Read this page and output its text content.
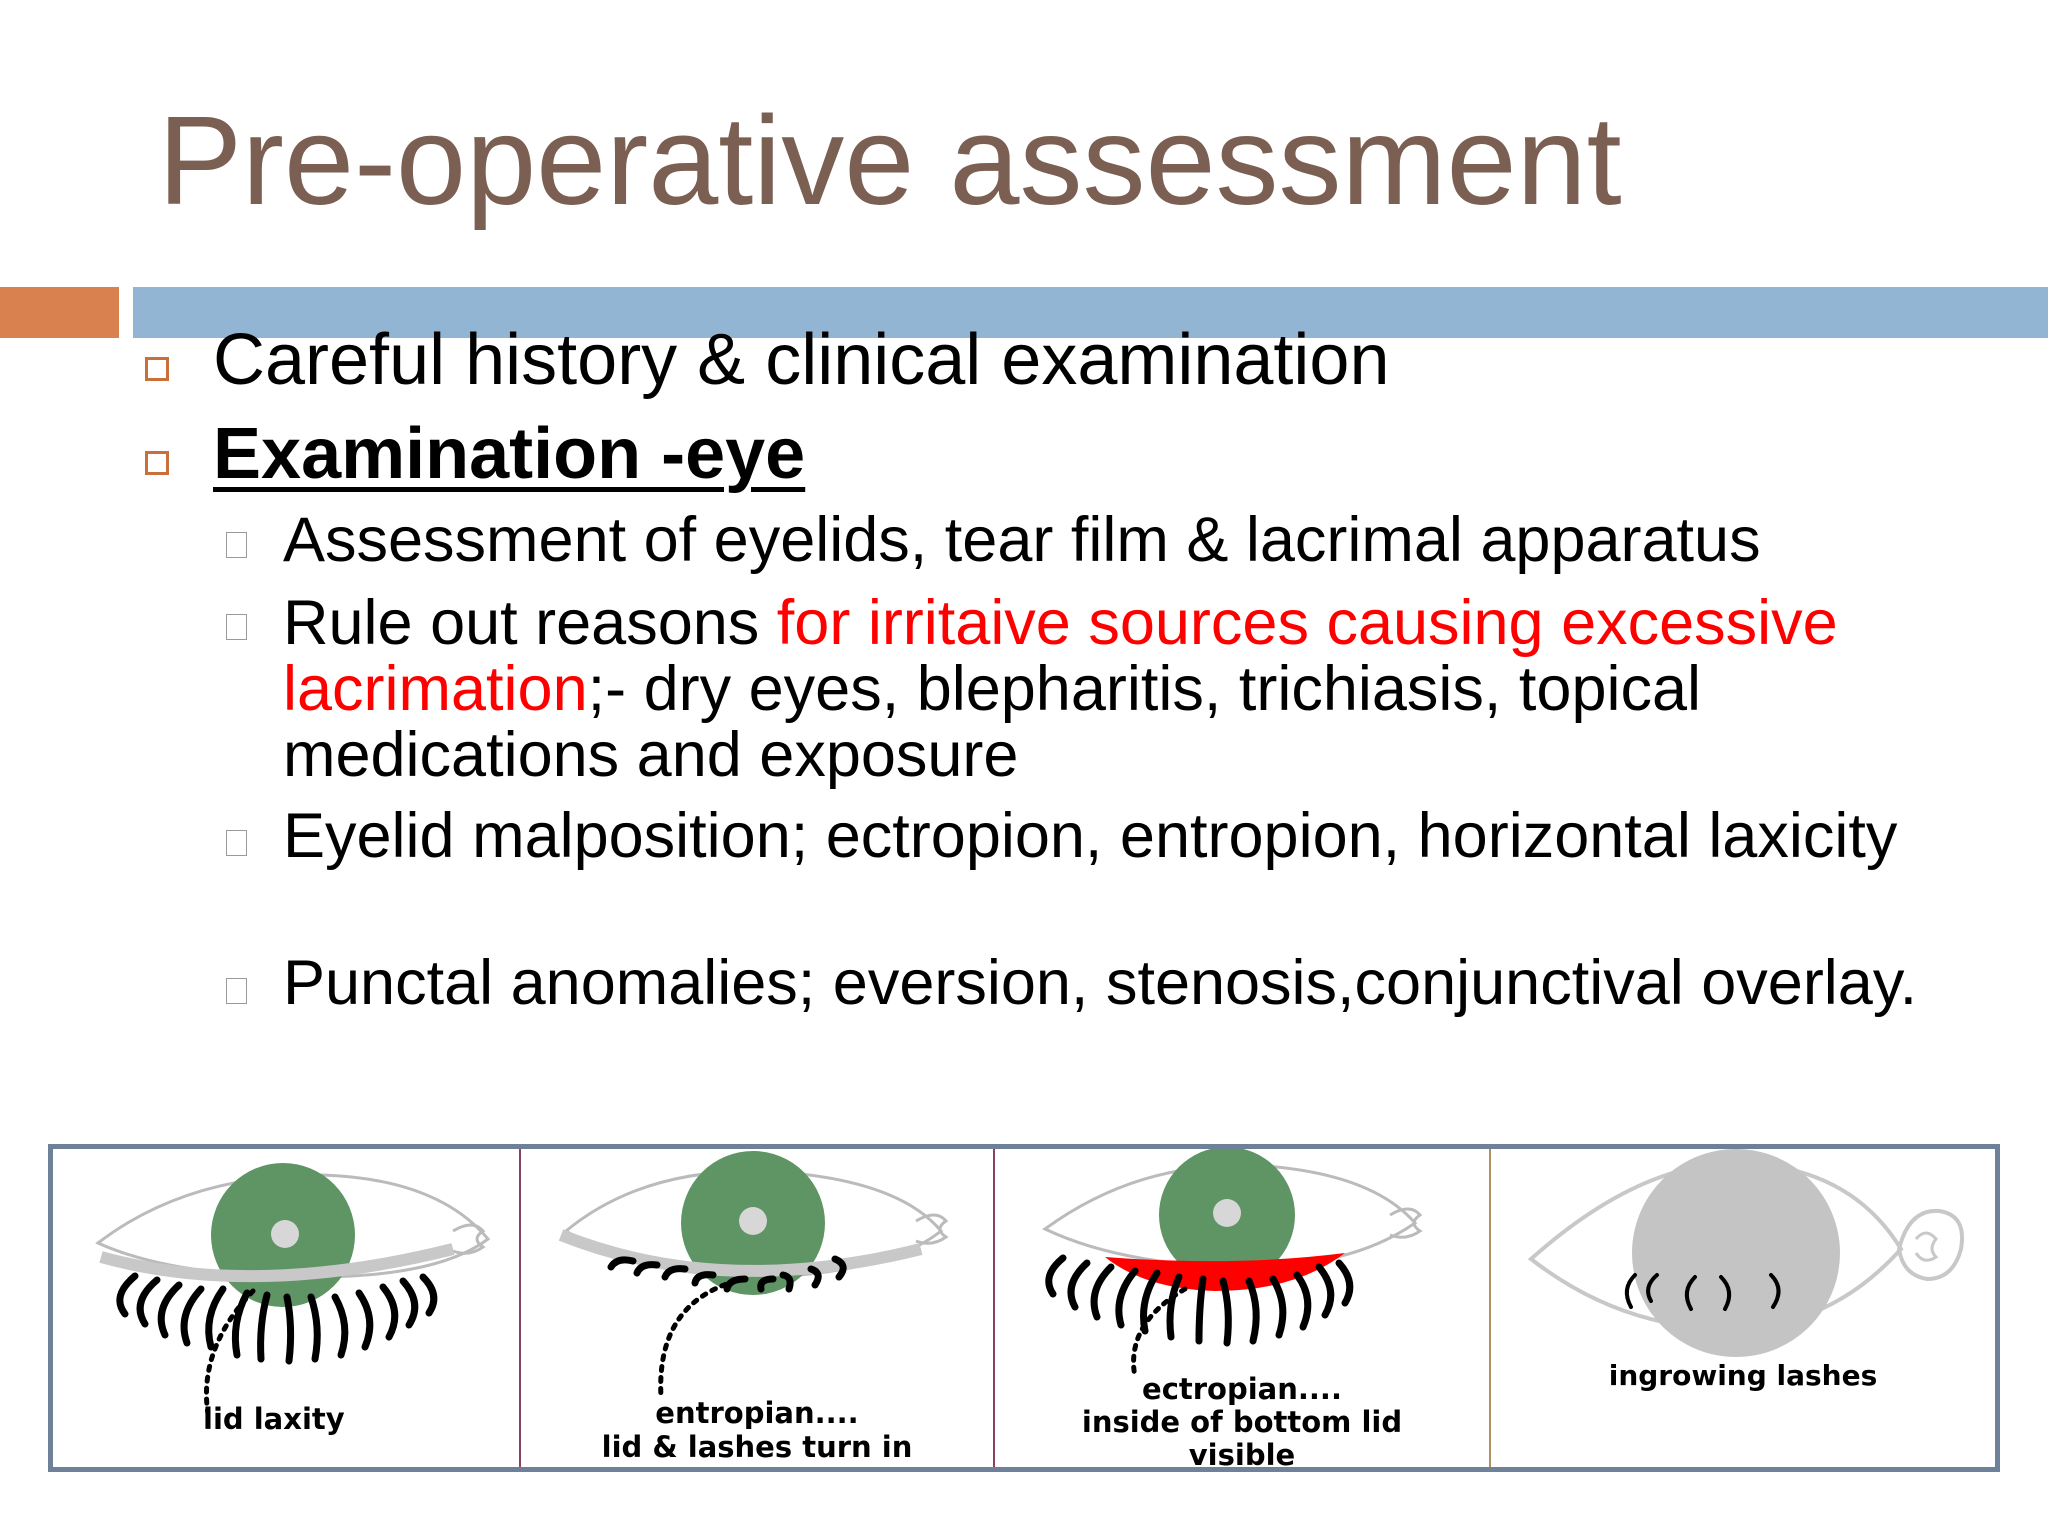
Pre-operative assessment
Careful history & clinical examination
Examination -eye
Assessment of eyelids, tear film & lacrimal apparatus
Rule out reasons for irritaive sources causing excessive lacrimation;- dry eyes, blepharitis, trichiasis, topical medications and exposure
Eyelid malposition; ectropion, entropion, horizontal laxicity
Punctal anomalies; eversion, stenosis,conjunctival overlay.
lid laxity	entropian....
lid & lashes turn in
ectropian....
inside of bottom lid
visible
ingrowing lashes
